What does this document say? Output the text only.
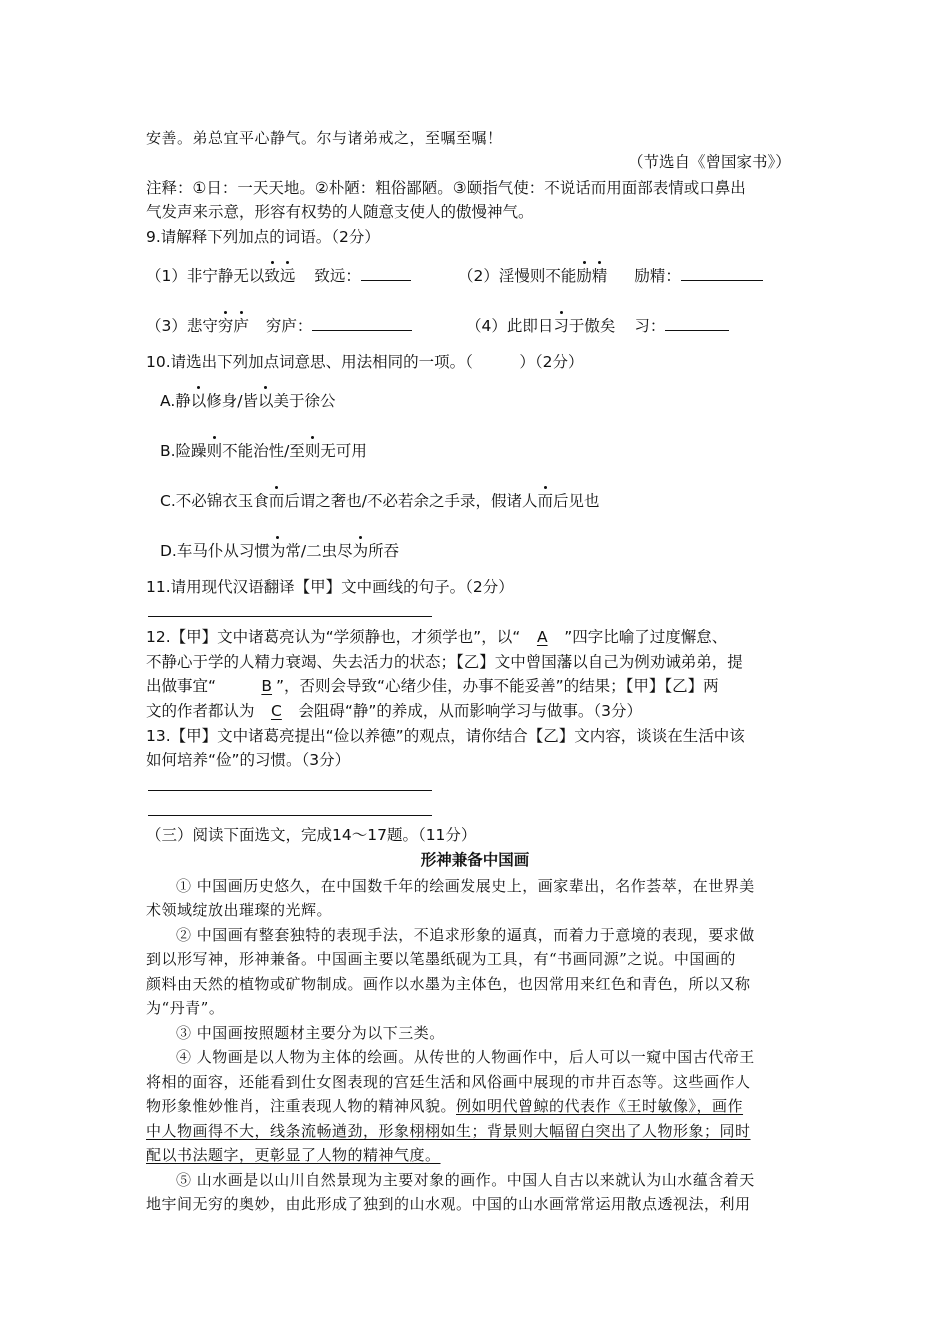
安善。弟总宜平心静气。尔与诸弟戒之，至嘱至嘱！
（节选自《曾国家书》）
注释：①日：一天天地。②朴陋：粗俗鄙陋。③颐指气使：不说话而用面部表情或口鼻出
气发声来示意，形容有权势的人随意支使人的傲慢神气。
9.请解释下列加点的词语。（2分）
（1）非宁静无以致远 致远：	（2）淫慢则不能励精 励精：
（3）悲守穷庐 穷庐：	（4）此即日习于傲矣 习：
10.请选出下列加点词意思、用法相同的一项。（　　　）（2分）
A.静以修身/皆以美于徐公
B.险躁则不能治性/至则无可用
C.不必锦衣玉食而后谓之奢也/不必若余之手录，假诸人而后见也
D.车马仆从习惯为常/二虫尽为所吞
11.请用现代汉语翻译【甲】文中画线的句子。（2分）
12.【甲】文中诸葛亮认为“学须静也，才须学也”，以“ A ”四字比喻了过度懈怠、
不静心于学的人精力衰竭、失去活力的状态；【乙】文中曾国藩以自己为例劝诫弟弟，提
出做事宜“	B ”，否则会导致“心绪少佳，办事不能妥善”的结果；【甲】【乙】两
文的作者都认为 C 会阻碍“静”的养成，从而影响学习与做事。（3分）
13.【甲】文中诸葛亮提出“俭以养德”的观点，请你结合【乙】文内容，谈谈在生活中该
如何培养“俭”的习惯。（3分）
（三）阅读下面选文，完成14～17题。（11分）
形神兼备中国画
① 中国画历史悠久，在中国数千年的绘画发展史上，画家辈出，名作荟萃，在世界美
术领域绽放出璀璨的光辉。
② 中国画有整套独特的表现手法，不追求形象的逼真，而着力于意境的表现，要求做
到以形写神，形神兼备。中国画主要以笔墨纸砚为工具，有“书画同源”之说。中国画的
颜料由天然的植物或矿物制成。画作以水墨为主体色，也因常用来红色和青色，所以又称
为“丹青”。
③ 中国画按照题材主要分为以下三类。
④ 人物画是以人物为主体的绘画。从传世的人物画作中，后人可以一窥中国古代帝王
将相的面容，还能看到仕女图表现的宫廷生活和风俗画中展现的市井百态等。这些画作人
物形象惟妙惟肖，注重表现人物的精神风貌。例如明代曾鲸的代表作《王时敏像》，画作
中人物画得不大，线条流畅遒劲，形象栩栩如生；背景则大幅留白突出了人物形象；同时
配以书法题字，更彰显了人物的精神气度。
⑤ 山水画是以山川自然景现为主要对象的画作。中国人自古以来就认为山水蕴含着天
地宇间无穷的奥妙，由此形成了独到的山水观。中国的山水画常常运用散点透视法，利用
